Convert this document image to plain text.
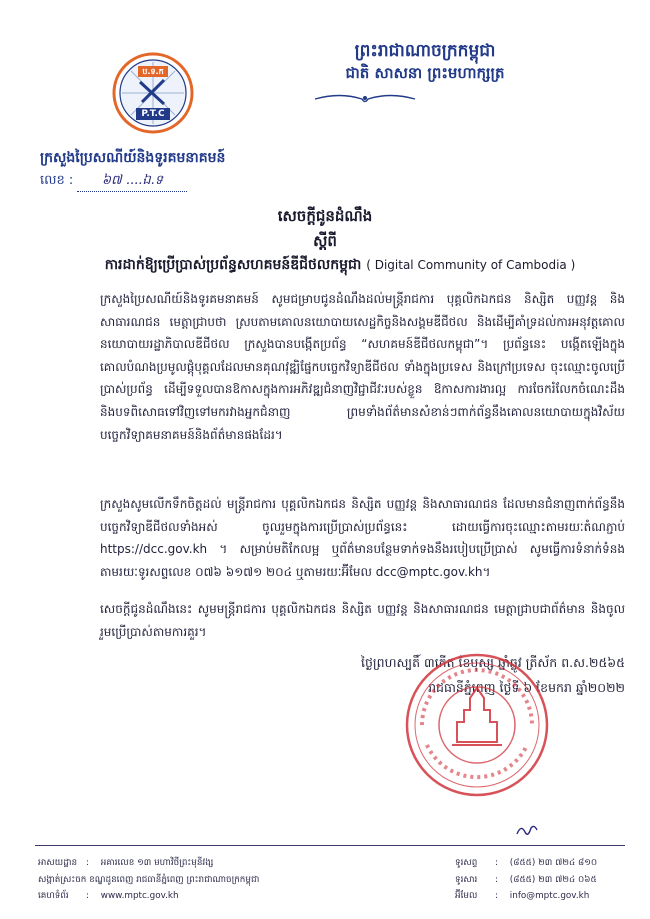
ព្រះរាជាណាចក្រកម្ពុជា
ជាតិ សាសនា ព្រះមហាក្សត្រ
ប.ទ.ក
P.T.C
ក្រសួងប្រៃសណីយ៍និងទូរគមនាគមន៍
លេខ : ៦៧ ....ឯ.ទ
សេចក្តីជូនដំណឹង
ស្តីពី
ការដាក់ឱ្យប្រើប្រាស់ប្រព័ន្ធសហគមន៍ឌីជីថលកម្ពុជា ( Digital Community of Cambodia )
ក្រសួងប្រៃសណីយ៍និងទូរគមនាគមន៍ សូមជម្រាបជូនដំណឹងដល់មន្ត្រីរាជការ បុគ្គលិកឯកជន និស្សិត បញ្ញវន្ត និងសាធារណជន មេត្តាជ្រាបថា ស្របតាមគោលនយោបាយសេដ្ឋកិច្ចនិងសង្គមឌីជីថល និងដើម្បីគាំទ្រដល់ការអនុវត្តគោលនយោបាយរដ្ឋាភិបាលឌីជីថល ក្រសួងបានបង្កើតប្រព័ន្ធ “សហគមន៍ឌីជីថលកម្ពុជា”។ ប្រព័ន្ធនេះ បង្កើតឡើងក្នុងគោលបំណងប្រមូលផ្តុំបុគ្គលដែលមានគុណវុឌ្ឍិផ្នែកបច្ចេកវិទ្យាឌីជីថល ទាំងក្នុងប្រទេស និងក្រៅប្រទេស ចុះឈ្មោះចូលប្រើប្រាស់ប្រព័ន្ធ ដើម្បីទទួលបានឱកាសក្នុងការអភិវឌ្ឍជំនាញវិជ្ជាជីវៈរបស់ខ្លួន ឱកាសការងារល្អ ការចែករំលែកចំណេះដឹងនិងបទពិសោធទៅវិញទៅមករវាងអ្នកជំនាញ ព្រមទាំងព័ត៌មានសំខាន់ៗពាក់ព័ន្ធនឹងគោលនយោបាយក្នុងវិស័យបច្ចេកវិទ្យាគមនាគមន៍និងព័ត៌មានផងដែរ។
ក្រសួងសូមលើកទឹកចិត្តដល់ មន្ត្រីរាជការ បុគ្គលិកឯកជន និស្សិត បញ្ញវន្ត និងសាធារណជន ដែលមានជំនាញពាក់ព័ន្ធនឹងបច្ចេកវិទ្យាឌីជីថលទាំងអស់ ចូលរួមក្នុងការប្រើប្រាស់ប្រព័ន្ធនេះ ដោយធ្វើការចុះឈ្មោះតាមរយៈតំណភ្ជាប់ https://dcc.gov.kh ។ សម្រាប់មតិកែលម្អ ឬព័ត៌មានបន្ថែមទាក់ទងនឹងរបៀបប្រើប្រាស់ សូមធ្វើការទំនាក់ទំនងតាមរយៈទូរសព្ទលេខ ០៧៦ ៦១៧១ ២០៤ ឬតាមរយៈអ៊ីមែល dcc@mptc.gov.kh។
សេចក្តីជូនដំណឹងនេះ សូមមន្ត្រីរាជការ បុគ្គលិកឯកជន និស្សិត បញ្ញវន្ត និងសាធារណជន មេត្តាជ្រាបជាព័ត៌មាន និងចូលរួមប្រើប្រាស់តាមការគួរ។
ថ្ងៃព្រហស្បតិ៍ ៣កើត ខែបុស្ស ឆ្នាំឆ្លូវ ត្រីស័ក ព.ស.២៥៦៥
រាជធានីភ្នំពេញ ថ្ងៃទី ៦ ខែមករា ឆ្នាំ២០២២
អាសយដ្ឋាន : អគារលេខ ១៣ មហាវិថីព្រះមុនីវង្ស
សង្កាត់ស្រះចក ខណ្ឌដូនពេញ រាជធានីភ្នំពេញ ព្រះរាជាណាចក្រកម្ពុជា
គេហទំព័រ : www.mptc.gov.kh
ទូរសព្ទ : (៨៥៥) ២៣ ៧២៤ ៨១០
ទូរសារ : (៨៥៥) ២៣ ៧២៤ ០៦៥
អ៊ីមែល : info@mptc.gov.kh
